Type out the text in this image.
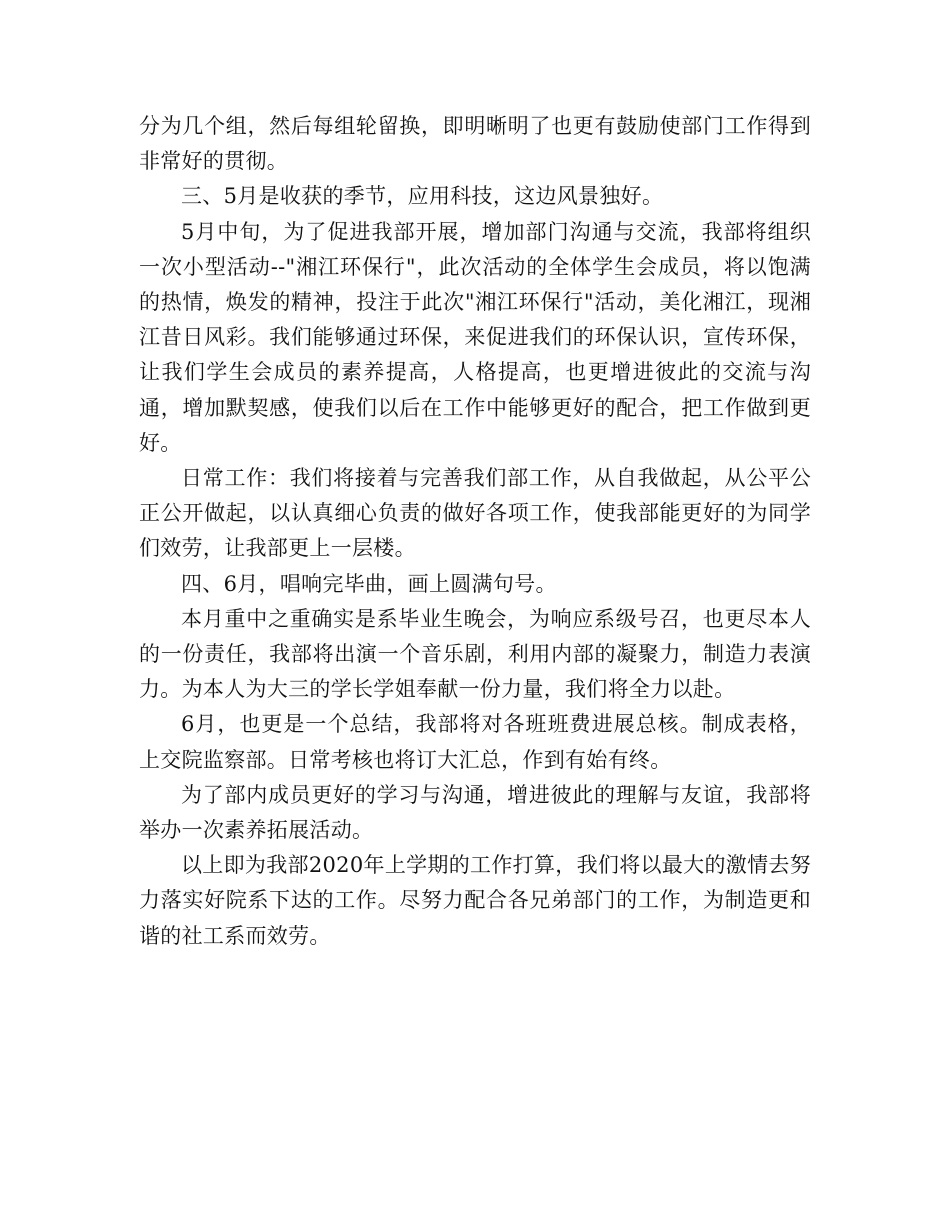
分为几个组，然后每组轮留换，即明晰明了也更有鼓励使部门工作得到非常好的贯彻。

三、5月是收获的季节，应用科技，这边风景独好。

5月中旬，为了促进我部开展，增加部门沟通与交流，我部将组织一次小型活动--"湘江环保行"，此次活动的全体学生会成员，将以饱满的热情，焕发的精神，投注于此次"湘江环保行"活动，美化湘江，现湘江昔日风彩。我们能够通过环保，来促进我们的环保认识，宣传环保，让我们学生会成员的素养提高，人格提高，也更增进彼此的交流与沟通，增加默契感，使我们以后在工作中能够更好的配合，把工作做到更好。

日常工作：我们将接着与完善我们部工作，从自我做起，从公平公正公开做起，以认真细心负责的做好各项工作，使我部能更好的为同学们效劳，让我部更上一层楼。

四、6月，唱响完毕曲，画上圆满句号。

本月重中之重确实是系毕业生晚会，为响应系级号召，也更尽本人的一份责任，我部将出演一个音乐剧，利用内部的凝聚力，制造力表演力。为本人为大三的学长学姐奉献一份力量，我们将全力以赴。

6月，也更是一个总结，我部将对各班班费进展总核。制成表格，上交院监察部。日常考核也将订大汇总，作到有始有终。

为了部内成员更好的学习与沟通，增进彼此的理解与友谊，我部将举办一次素养拓展活动。

以上即为我部2020年上学期的工作打算，我们将以最大的激情去努力落实好院系下达的工作。尽努力配合各兄弟部门的工作，为制造更和谐的社工系而效劳。
